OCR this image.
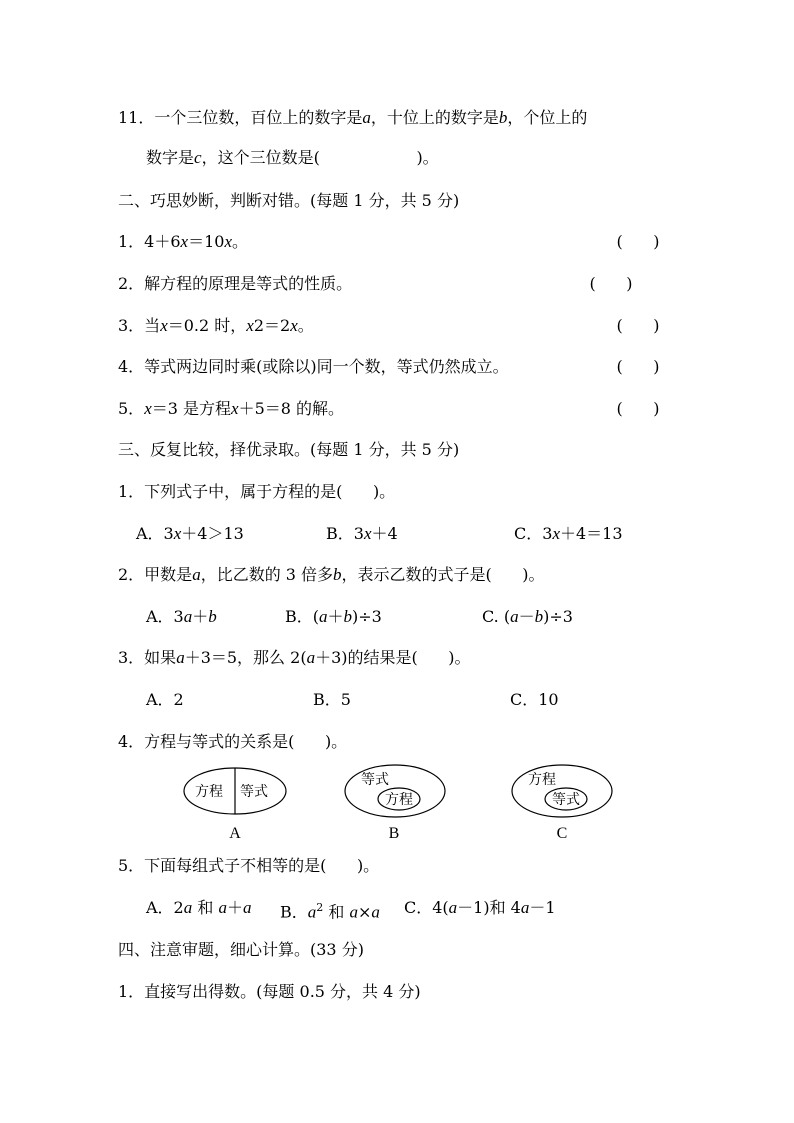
11．一个三位数，百位上的数字是a，十位上的数字是b，个位上的
数字是c，这个三位数是(                   )。
二、巧思妙断，判断对错。(每题 1 分，共 5 分)
1．4＋6x＝10x。	(      )
2．解方程的原理是等式的性质。	(      )
3．当x＝0.2 时，x2＝2x。	(      )
4．等式两边同时乘(或除以)同一个数，等式仍然成立。	(      )
5．x＝3 是方程x＋5＝8 的解。	(      )
三、反复比较，择优录取。(每题 1 分，共 5 分)
1．下列式子中，属于方程的是(      )。
A．3x＋4＞13	B．3x＋4	C．3x＋4＝13
2．甲数是a，比乙数的 3 倍多b，表示乙数的式子是(      )。
A．3a＋b	B．(a＋b)÷3	C. (a－b)÷3
3．如果a＋3＝5，那么 2(a＋3)的结果是(      )。
A．2	B．5	C．10
4．方程与等式的关系是(      )。
方程 等式
A
等式
方程
B
方程
等式
C
5．下面每组式子不相等的是(      )。
A．2a 和 a＋a B．$a^2$ 和 a×a C．4(a－1)和 4a－1
四、注意审题，细心计算。(33 分)
1．直接写出得数。(每题 0.5 分，共 4 分)
